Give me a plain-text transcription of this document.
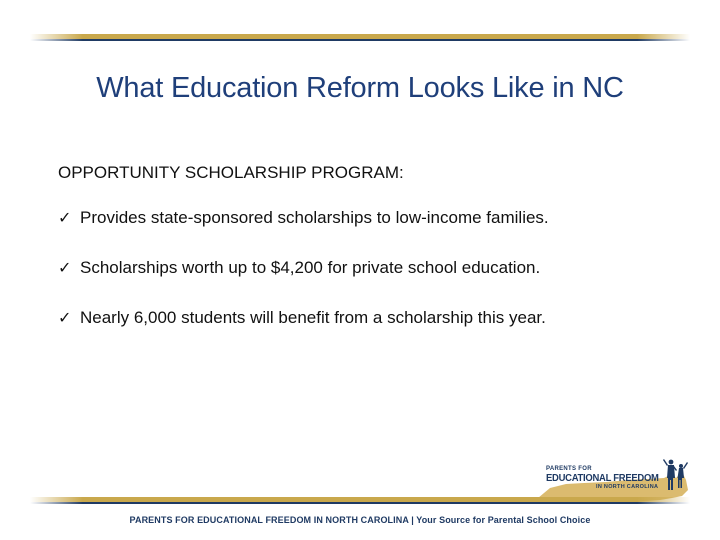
What Education Reform Looks Like in NC
OPPORTUNITY SCHOLARSHIP PROGRAM:
✓ Provides state-sponsored scholarships to low-income families.
✓ Scholarships worth up to $4,200 for private school education.
✓ Nearly 6,000 students will benefit from a scholarship this year.
PARENTS FOR
EDUCATIONAL FREEDOM
IN NORTH CAROLINA
PARENTS FOR EDUCATIONAL FREEDOM IN NORTH CAROLINA | Your Source for Parental School Choice
